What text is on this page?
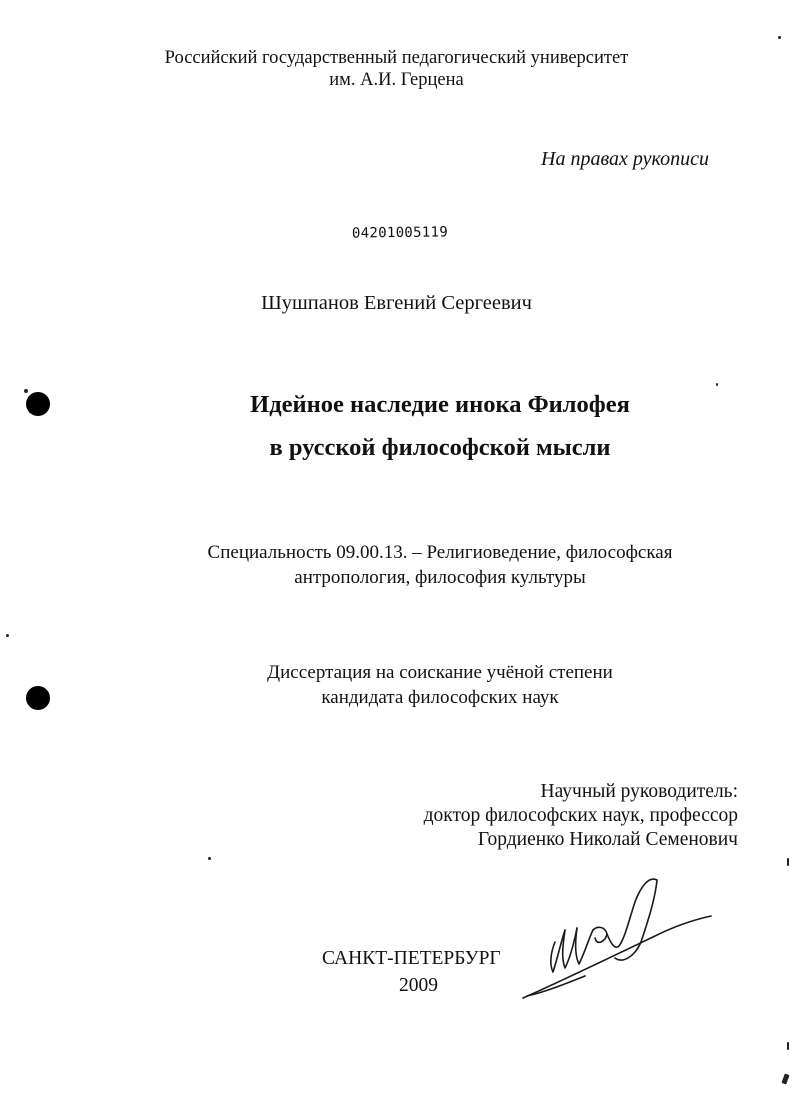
Российский государственный педагогический университет
им. А.И. Герцена
На правах рукописи
04201005119
Шушпанов Евгений Сергеевич
Идейное наследие инока Филофея
в русской философской мысли
Специальность 09.00.13. – Религиоведение, философская
антропология, философия культуры
Диссертация на соискание учёной степени
кандидата философских наук
Научный руководитель:
доктор философских наук, профессор
Гордиенко Николай Семенович
САНКТ-ПЕТЕРБУРГ
2009
